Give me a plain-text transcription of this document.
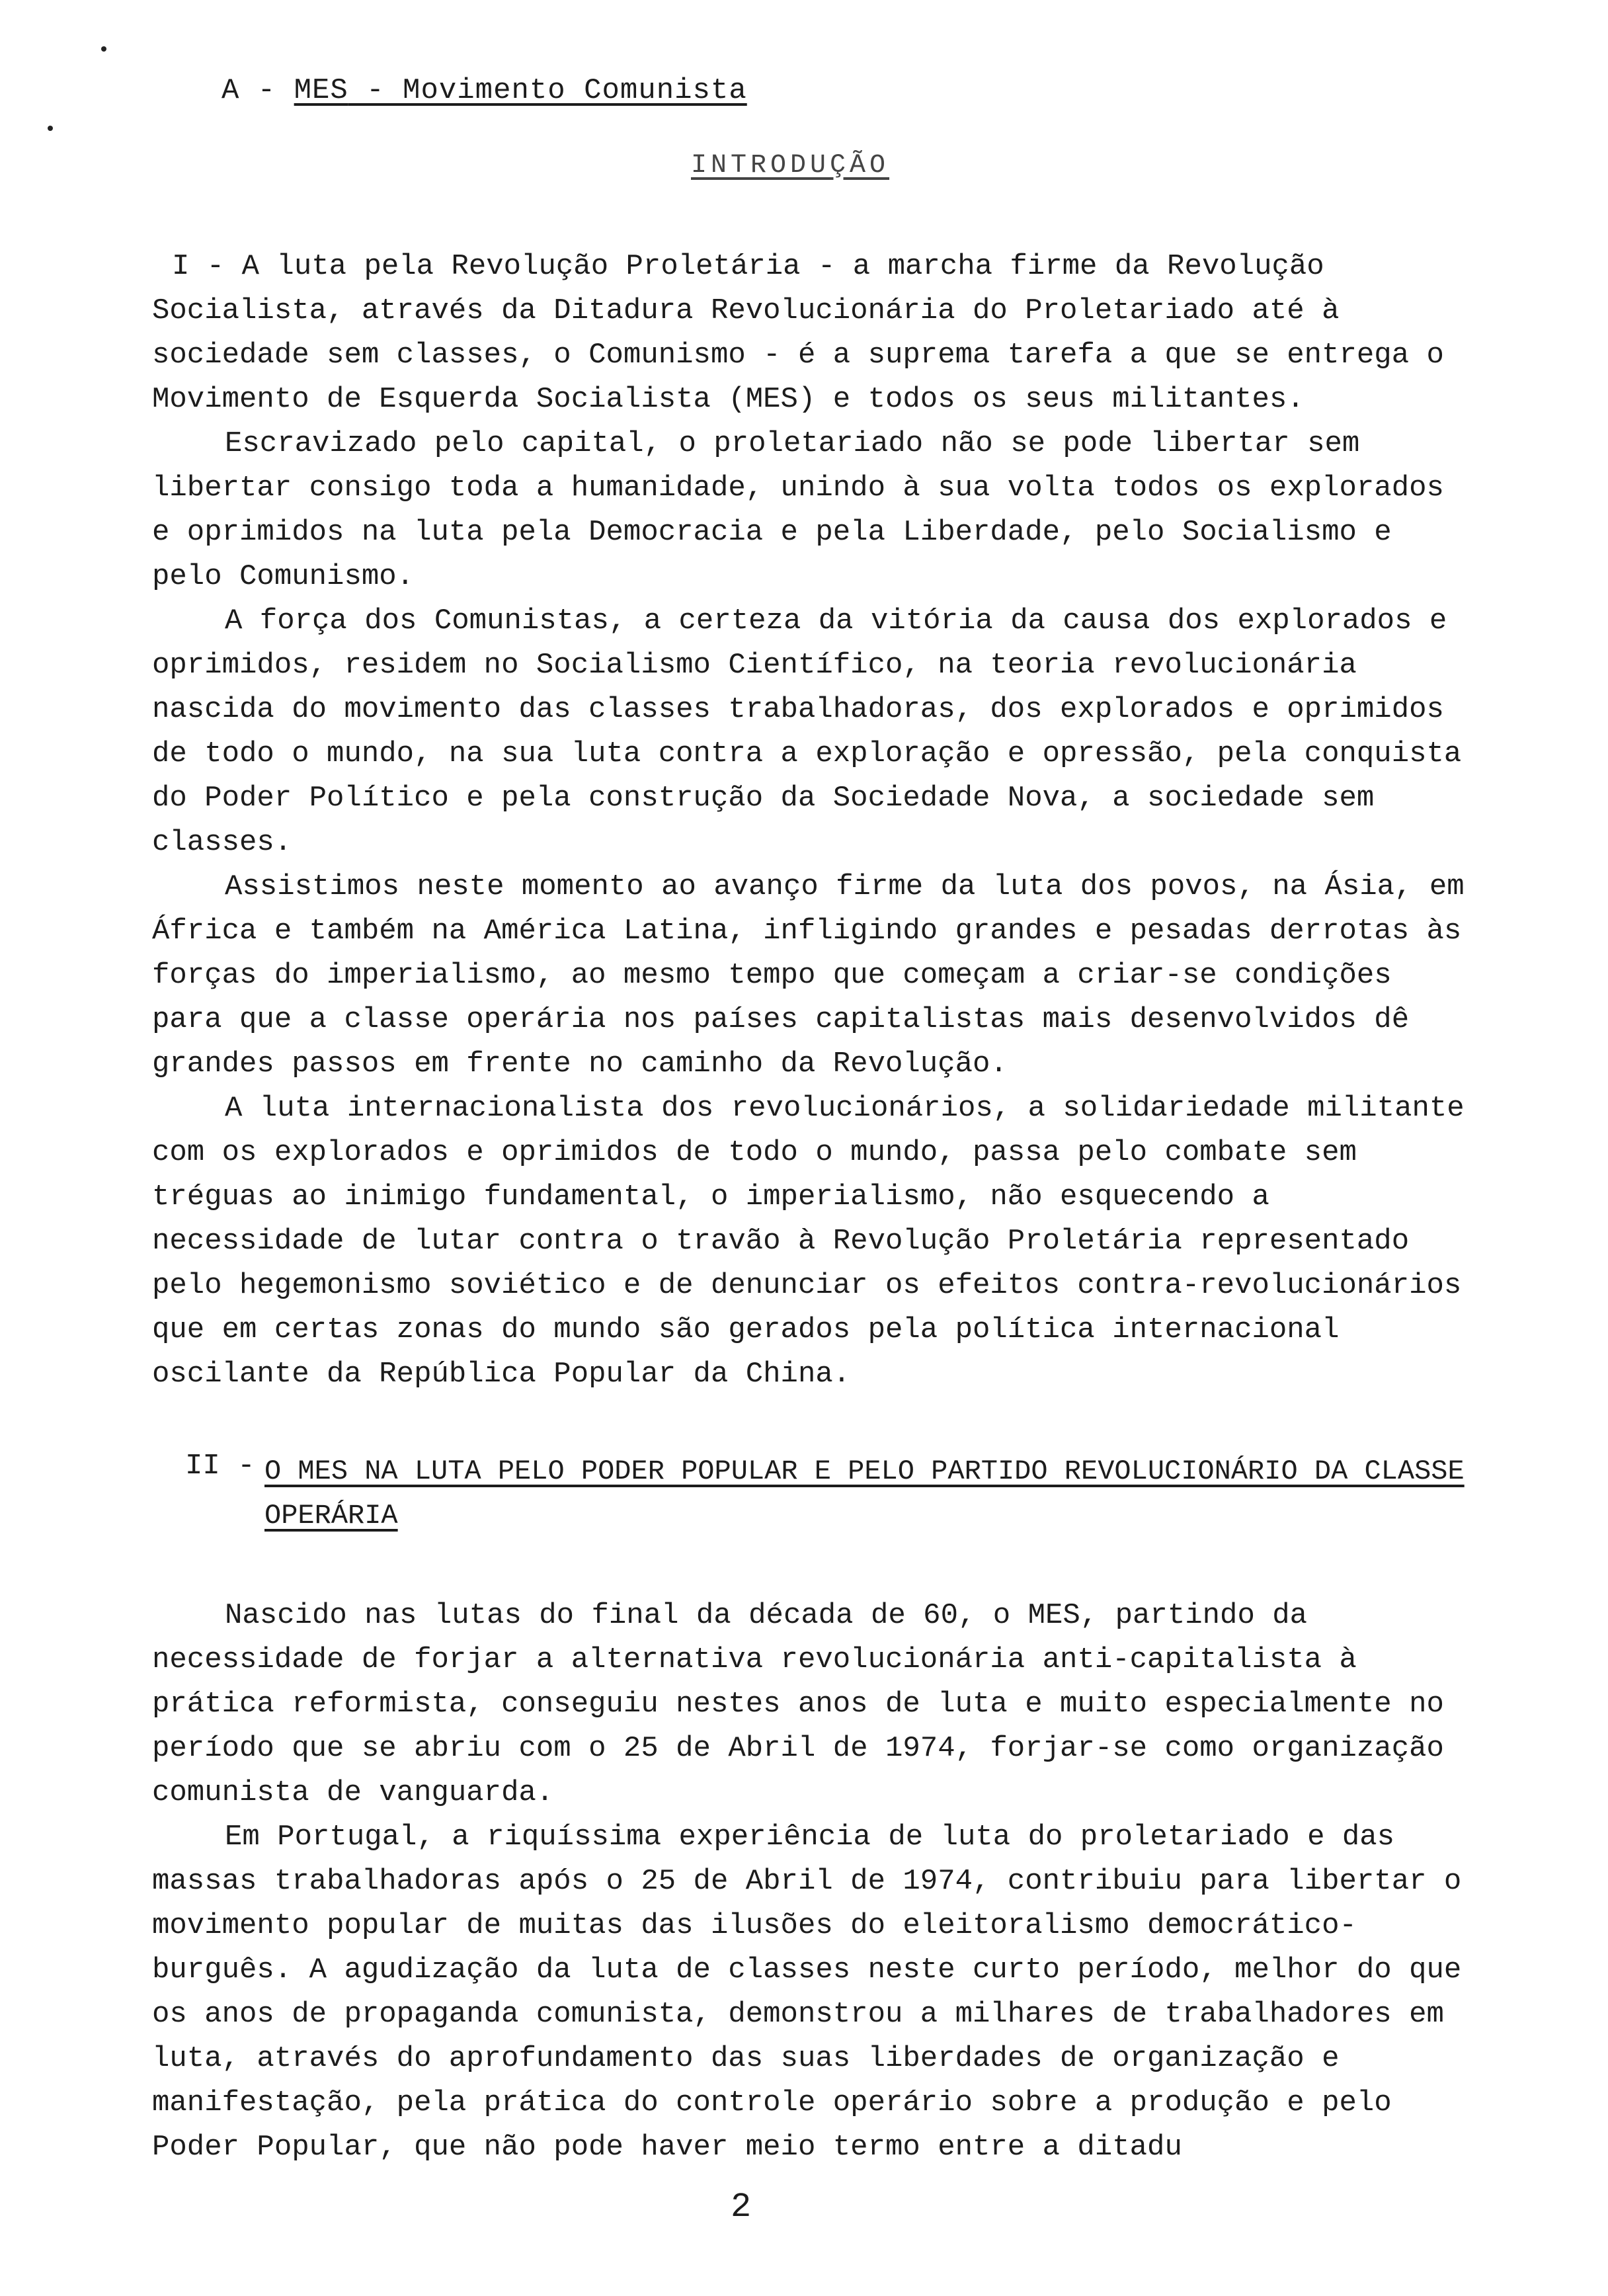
A - MES - Movimento Comunista
INTRODUÇÃO

I - A luta pela Revolução Proletária - a marcha firme da Revolução Socialista, através da Ditadura Revolucionária do Proletariado até à sociedade sem classes, o Comunismo - é a suprema tarefa a que se entrega o Movimento de Esquerda Socialista (MES) e todos os seus militantes.

Escravizado pelo capital, o proletariado não se pode libertar sem libertar consigo toda a humanidade, unindo à sua volta todos os explorados e oprimidos na luta pela Democracia e pela Liberdade, pelo Socialismo e pelo Comunismo.

A força dos Comunistas, a certeza da vitória da causa dos explorados e oprimidos, residem no Socialismo Científico, na teoria revolucionária nascida do movimento das classes trabalhadoras, dos explorados e oprimidos de todo o mundo, na sua luta contra a exploração e opressão, pela conquista do Poder Político e pela construção da Sociedade Nova, a sociedade sem classes.

Assistimos neste momento ao avanço firme da luta dos povos, na Ásia, em África e também na América Latina, infligindo grandes e pesadas derrotas às forças do imperialismo, ao mesmo tempo que começam a criar-se condições para que a classe operária nos países capitalistas mais desenvolvidos dê grandes passos em frente no caminho da Revolução.

A luta internacionalista dos revolucionários, a solidariedade militante com os explorados e oprimidos de todo o mundo, passa pelo combate sem tréguas ao inimigo fundamental, o imperialismo, não esquecendo a necessidade de lutar contra o travão à Revolução Proletária representado pelo hegemonismo soviético e de denunciar os efeitos contra-revolucionários que em certas zonas do mundo são gerados pela política internacional oscilante da República Popular da China.

II - O MES NA LUTA PELO PODER POPULAR E PELO PARTIDO REVOLUCIONÁRIO DA CLASSE OPERÁRIA

Nascido nas lutas do final da década de 60, o MES, partindo da necessidade de forjar a alternativa revolucionária anti-capitalista à prática reformista, conseguiu nestes anos de luta e muito especialmente no período que se abriu com o 25 de Abril de 1974, forjar-se como organização comunista de vanguarda.

Em Portugal, a riquíssima experiência de luta do proletariado e das massas trabalhadoras após o 25 de Abril de 1974, contribuiu para libertar o movimento popular de muitas das ilusões do eleitoralismo democrático-burguês. A agudização da luta de classes neste curto período, melhor do que os anos de propaganda comunista, demonstrou a milhares de trabalhadores em luta, através do aprofundamento das suas liberdades de organização e manifestação, pela prática do controle operário sobre a produção e pelo Poder Popular, que não pode haver meio termo entre a ditadu

2
